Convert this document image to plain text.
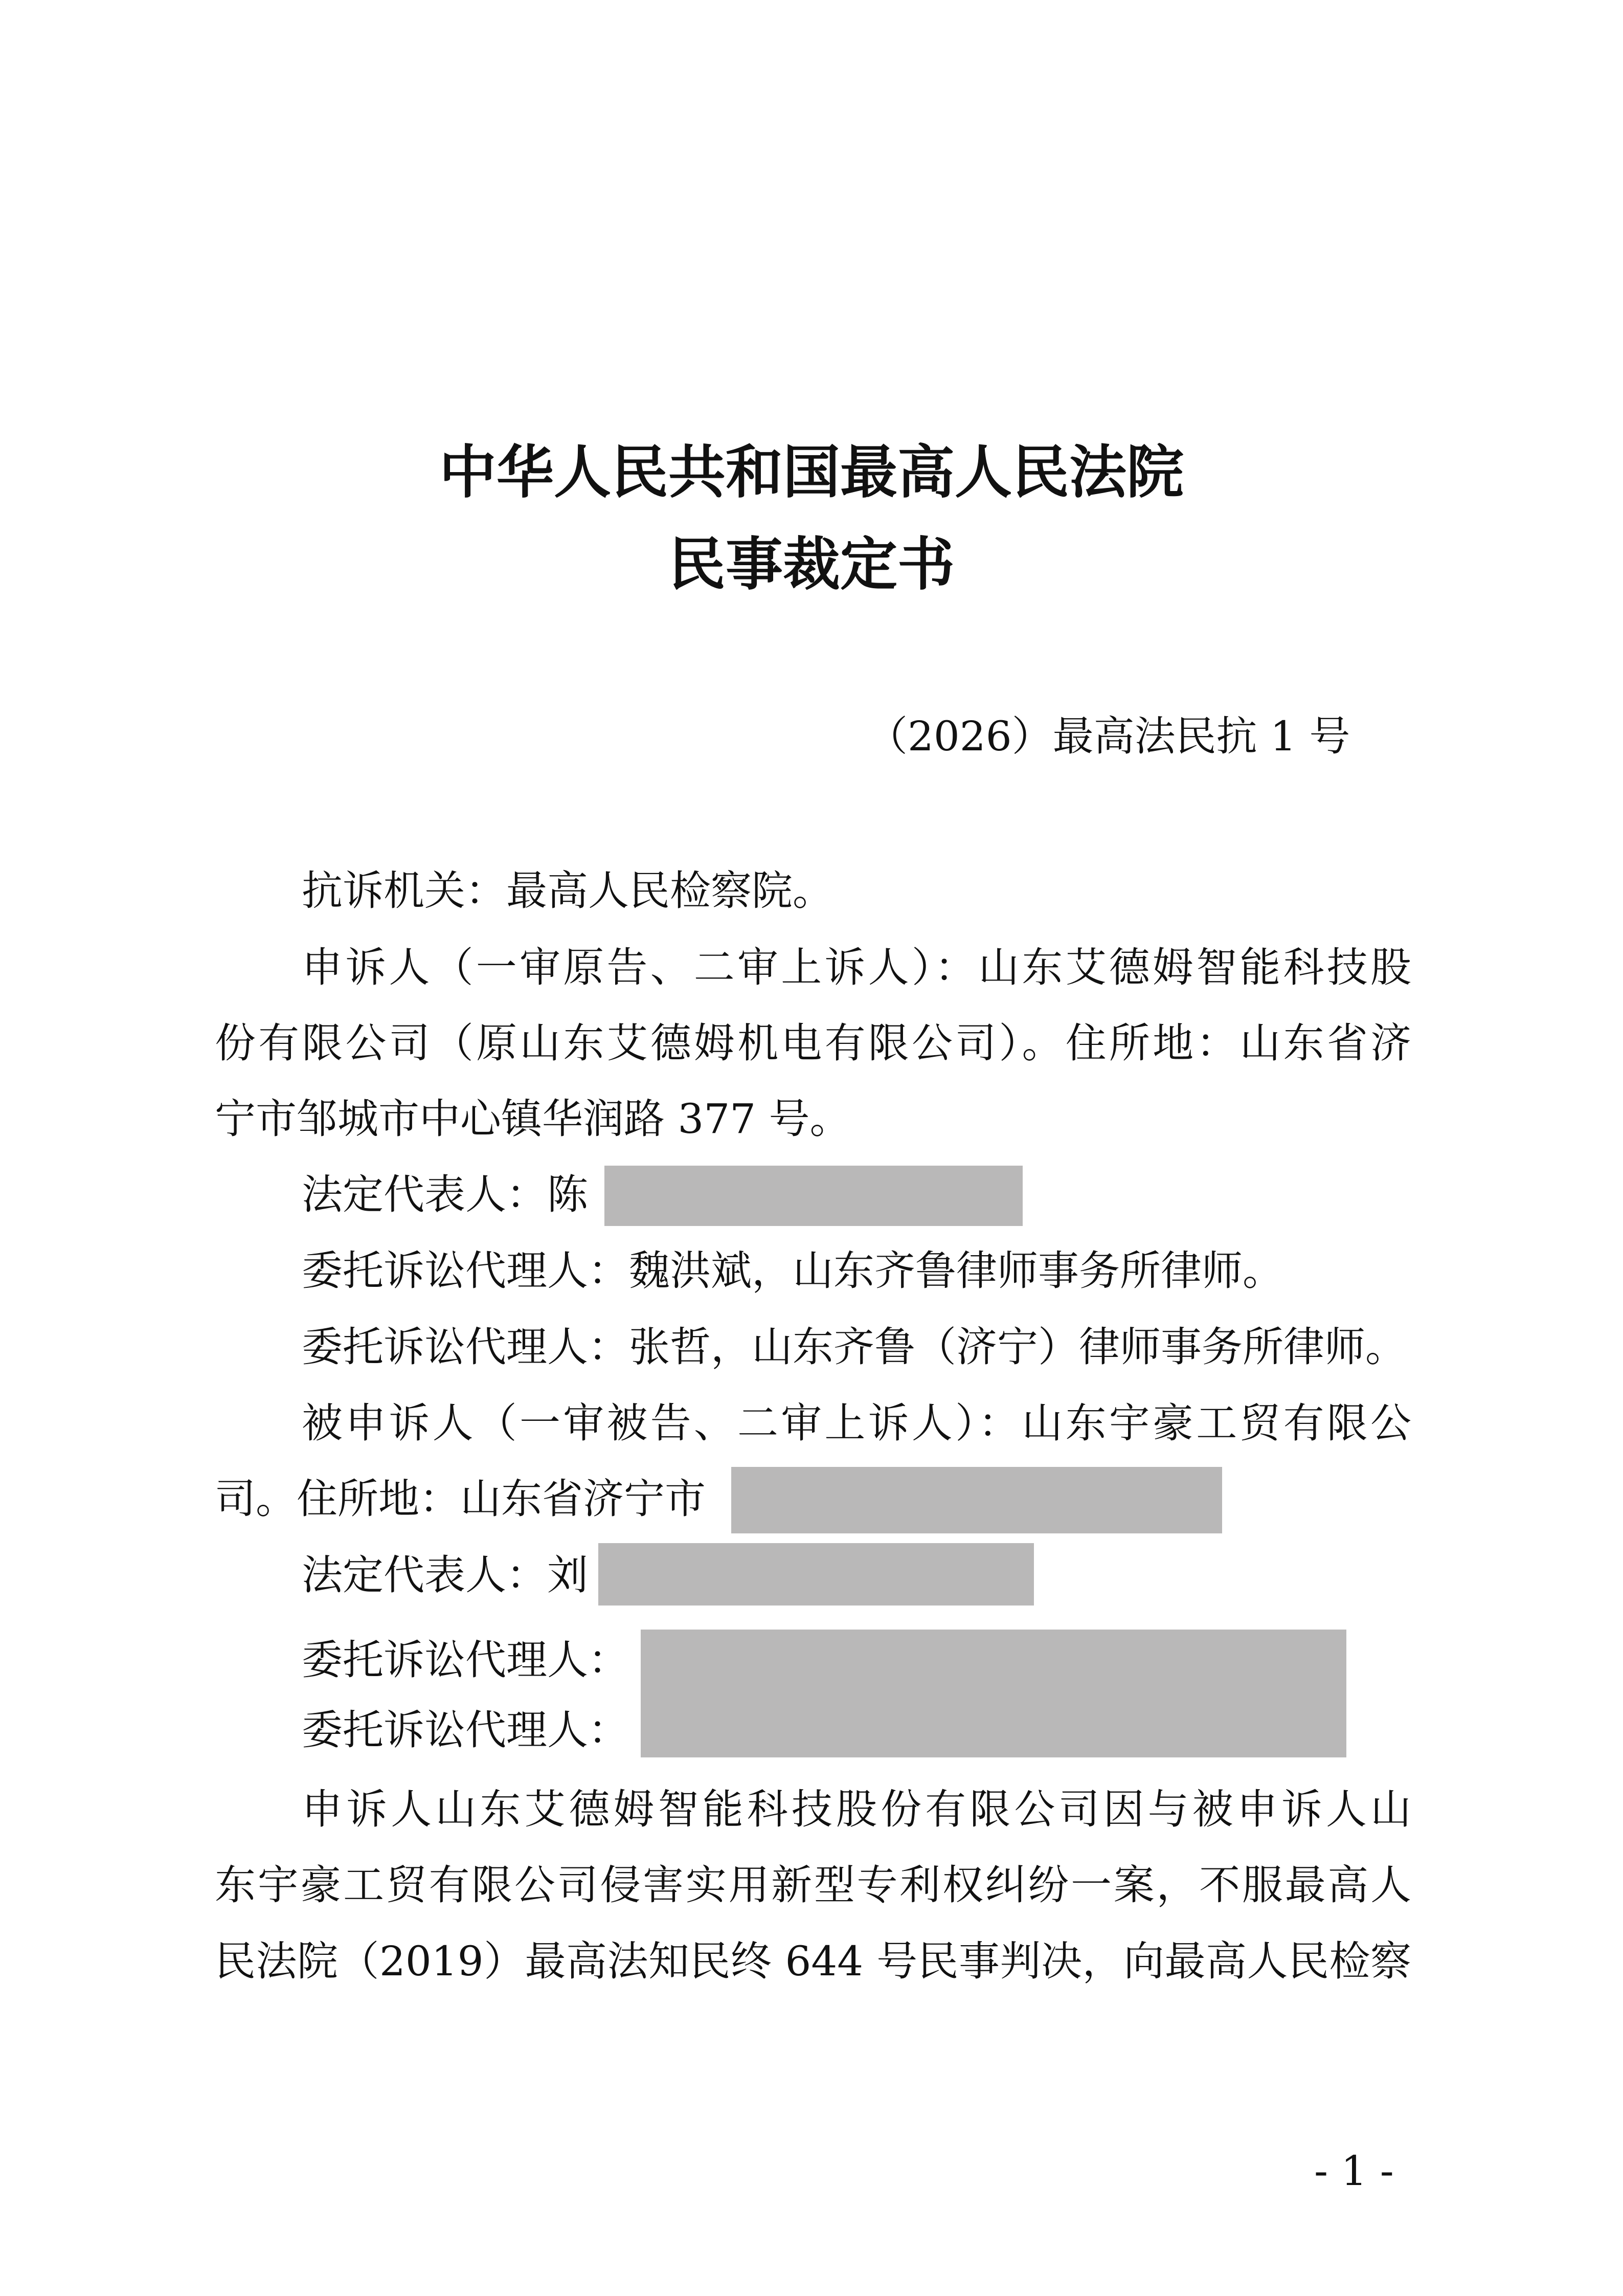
中华人民共和国最高人民法院
民事裁定书
（2026）最高法民抗 1 号
抗诉机关：最高人民检察院。
申诉人（一审原告、二审上诉人）：山东艾德姆智能科技股
份有限公司（原山东艾德姆机电有限公司）。住所地：山东省济
宁市邹城市中心镇华润路 377 号。
法定代表人：陈
委托诉讼代理人：魏洪斌，山东齐鲁律师事务所律师。
委托诉讼代理人：张哲，山东齐鲁（济宁）律师事务所律师。
被申诉人（一审被告、二审上诉人）：山东宇豪工贸有限公
司。住所地：山东省济宁市
法定代表人：刘
委托诉讼代理人：
委托诉讼代理人：
申诉人山东艾德姆智能科技股份有限公司因与被申诉人山
东宇豪工贸有限公司侵害实用新型专利权纠纷一案，不服最高人
民法院（2019）最高法知民终 644 号民事判决，向最高人民检察
- 1 -
